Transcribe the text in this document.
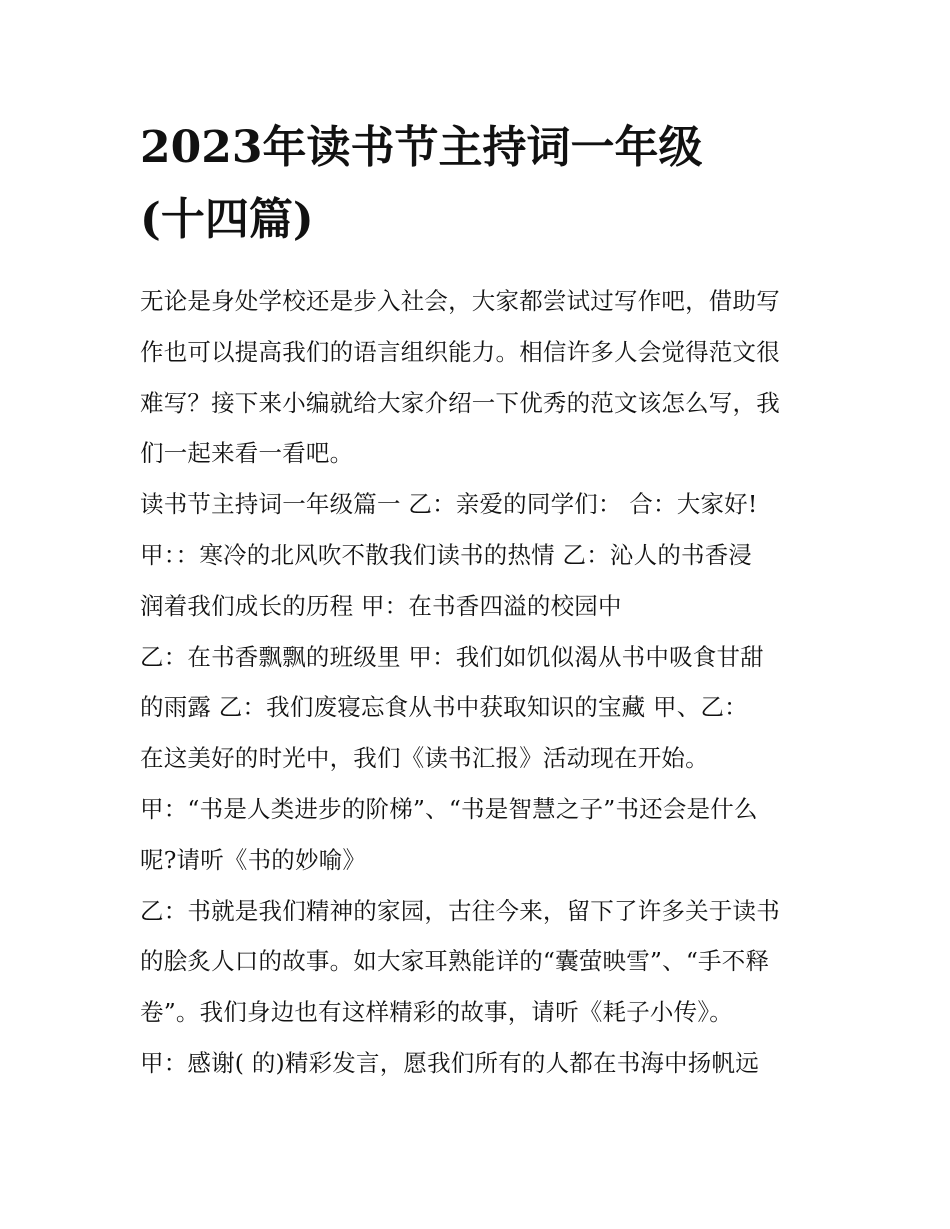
2023年读书节主持词一年级
(十四篇)
无论是身处学校还是步入社会，大家都尝试过写作吧，借助写
作也可以提高我们的语言组织能力。相信许多人会觉得范文很
难写？接下来小编就给大家介绍一下优秀的范文该怎么写，我
们一起来看一看吧。
读书节主持词一年级篇一 乙：亲爱的同学们： 合：大家好!
甲：：寒冷的北风吹不散我们读书的热情 乙：沁人的书香浸
润着我们成长的历程 甲：在书香四溢的校园中
乙：在书香飘飘的班级里 甲：我们如饥似渴从书中吸食甘甜
的雨露 乙：我们废寝忘食从书中获取知识的宝藏 甲、乙：
在这美好的时光中，我们《读书汇报》活动现在开始。
甲：“书是人类进步的阶梯”、“书是智慧之子”书还会是什么
呢?请听《书的妙喻》
乙：书就是我们精神的家园，古往今来，留下了许多关于读书
的脍炙人口的故事。如大家耳熟能详的“囊萤映雪”、“手不释
卷”。我们身边也有这样精彩的故事，请听《耗子小传》。
甲：感谢( 的)精彩发言，愿我们所有的人都在书海中扬帆远
